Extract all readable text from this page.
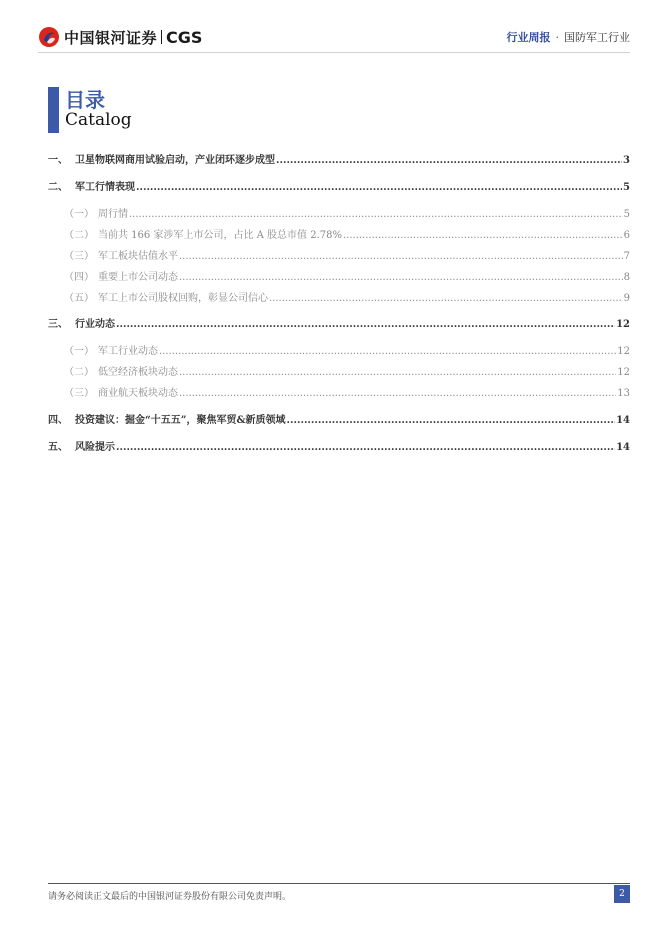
中国银河证券 CGS	行业周报 · 国防军工行业
目录
Catalog
一、 卫星物联网商用试验启动，产业闭环逐步成型 .....	3
二、 军工行情表现 .....	5
（一） 周行情 .....	5
（二） 当前共 166 家涉军上市公司，占比 A 股总市值 2.78% .....	6
（三） 军工板块估值水平 .....	7
（四） 重要上市公司动态 .....	8
（五） 军工上市公司股权回购，彰显公司信心 .....	9
三、 行业动态 .....	12
（一） 军工行业动态 .....	12
（二） 低空经济板块动态 .....	12
（三） 商业航天板块动态 .....	13
四、 投资建议：掘金“十五五”，聚焦军贸&新质领域 .....	14
五、 风险提示 .....	14
请务必阅读正文最后的中国银河证券股份有限公司免责声明。	2
